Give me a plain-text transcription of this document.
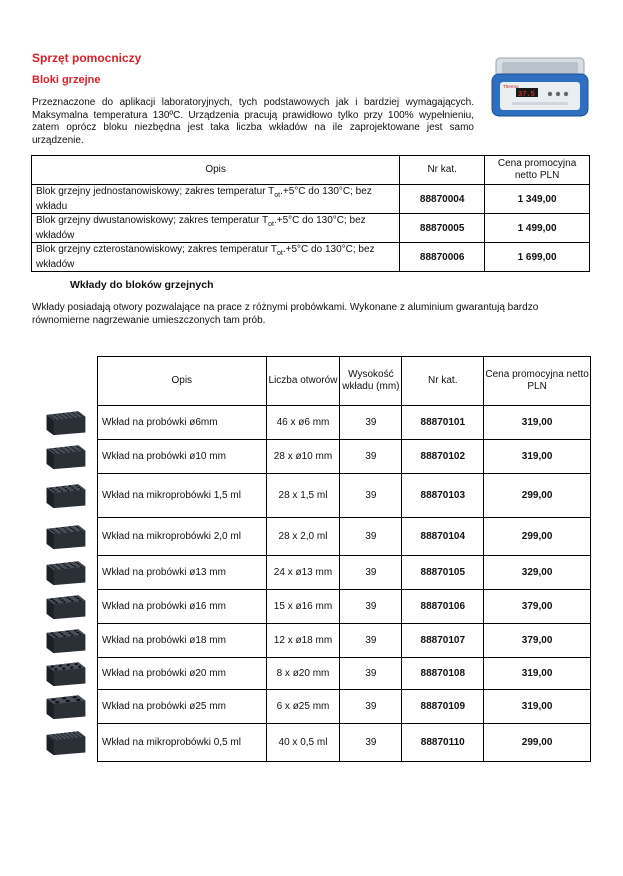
Sprzęt pomocniczy
Bloki grzejne
Przeznaczone do aplikacji laboratoryjnych, tych podstawowych jak i bardziej wymagających. Maksymalna temperatura 130ºC. Urządzenia pracują prawidłowo tylko przy 100% wypełnieniu, zatem oprócz bloku niezbędna jest taka liczba wkładów na ile zaprojektowane jest samo urządzenie.
37.5
Thermo
Opis	Nr kat.	Cena promocyjna netto PLN
Blok grzejny jednostanowiskowy; zakres temperatur $T_{ot}.+5^\circ C$ do 130°C; bez wkładu	88870004	1 349,00
Blok grzejny dwustanowiskowy; zakres temperatur $T_{ot}.+5^\circ C$ do 130°C; bez wkładów	88870005	1 499,00
Blok grzejny czterostanowiskowy; zakres temperatur $T_{ot}.+5^\circ C$ do 130°C; bez wkładów	88870006	1 699,00
Wkłady do bloków grzejnych
Wkłady posiadają otwory pozwalające na prace z różnymi probówkami. Wykonane z aluminium gwarantują bardzo równomierne nagrzewanie umieszczonych tam prób.
Opis	Liczba otworów	Wysokość wkładu (mm)	Nr kat.	Cena promocyjna netto PLN
Wkład na probówki ø6mm	46 x ø6 mm	39	88870101	319,00
Wkład na probówki ø10 mm	28 x ø10 mm	39	88870102	319,00
Wkład na mikroprobówki 1,5 ml	28 x 1,5 ml	39	88870103	299,00
Wkład na mikroprobówki 2,0 ml	28 x 2,0 ml	39	88870104	299,00
Wkład na probówki ø13 mm	24 x ø13 mm	39	88870105	329,00
Wkład na probówki ø16 mm	15 x ø16 mm	39	88870106	379,00
Wkład na probówki ø18 mm	12 x ø18 mm	39	88870107	379,00
Wkład na probówki ø20 mm	8 x ø20 mm	39	88870108	319,00
Wkład na probówki ø25 mm	6 x ø25 mm	39	88870109	319,00
Wkład na mikroprobówki 0,5 ml	40 x 0,5 ml	39	88870110	299,00
